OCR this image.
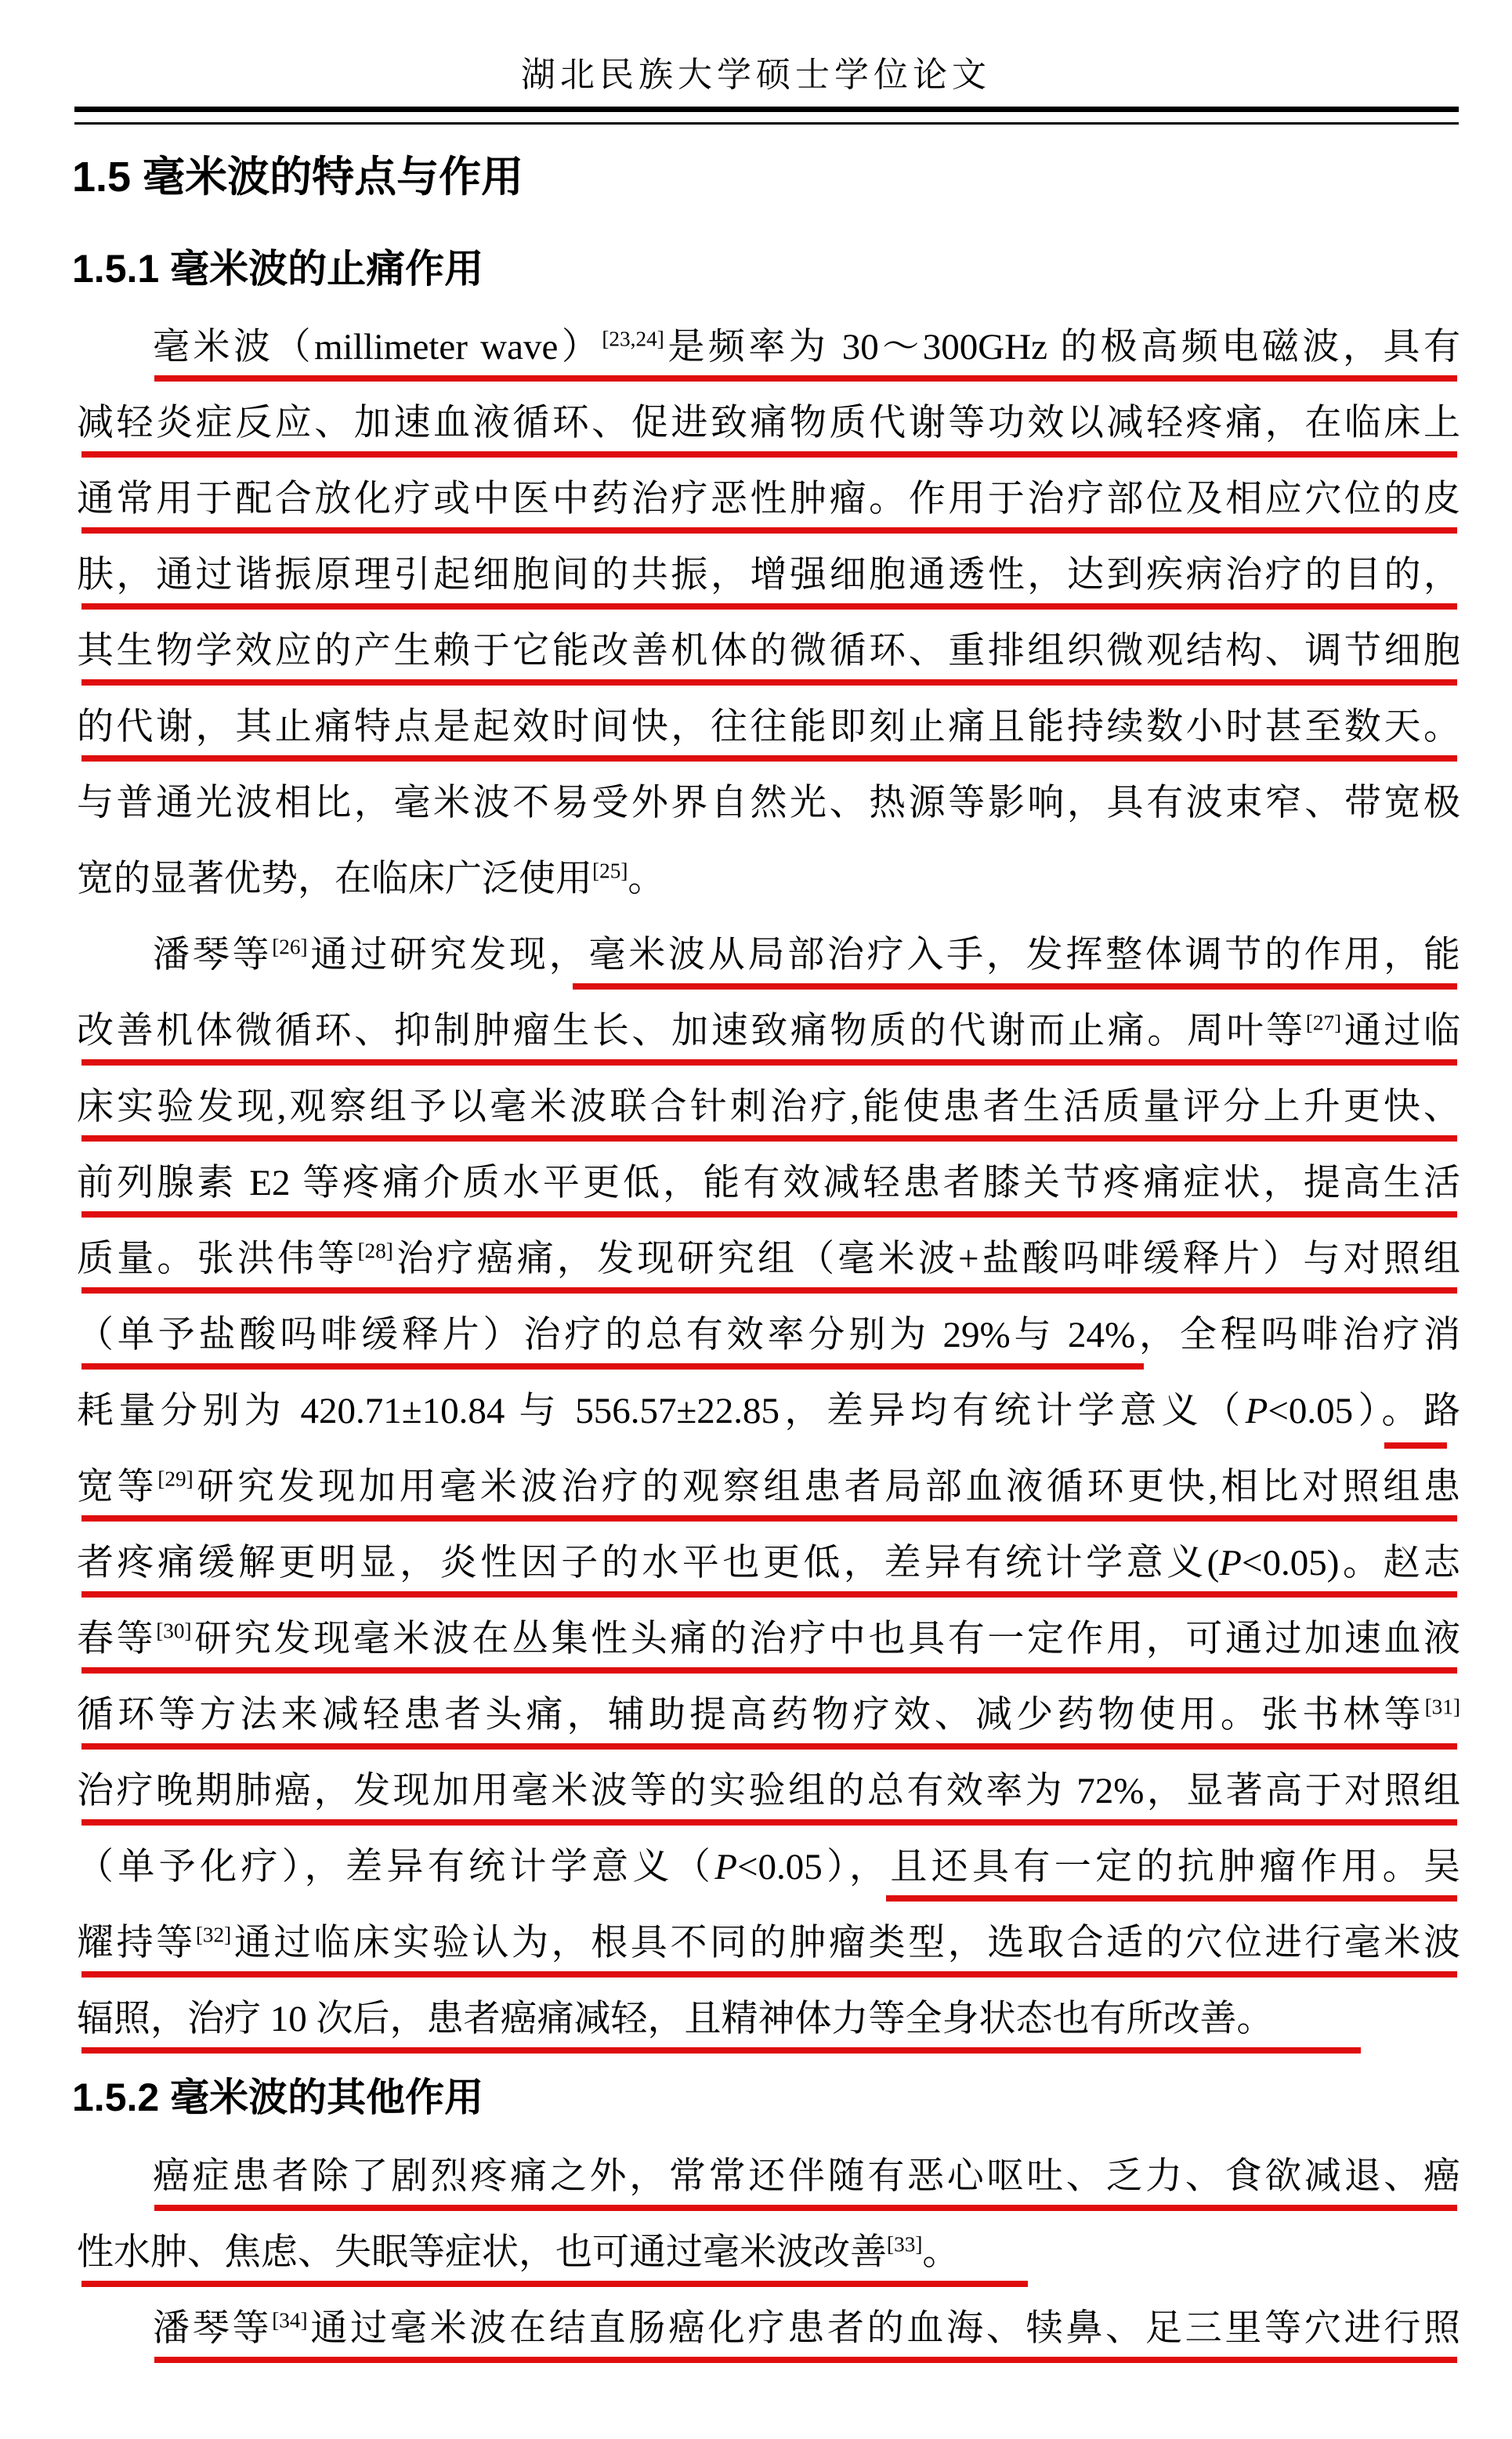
湖北民族大学硕士学位论文
1.5 毫米波的特点与作用
1.5.1 毫米波的止痛作用
毫米波（millimeter wave）[23,24]是频率为 30～300GHz 的极高频电磁波，具有
减轻炎症反应、加速血液循环、促进致痛物质代谢等功效以减轻疼痛，在临床上
通常用于配合放化疗或中医中药治疗恶性肿瘤。作用于治疗部位及相应穴位的皮
肤，通过谐振原理引起细胞间的共振，增强细胞通透性，达到疾病治疗的目的，
其生物学效应的产生赖于它能改善机体的微循环、重排组织微观结构、调节细胞
的代谢，其止痛特点是起效时间快，往往能即刻止痛且能持续数小时甚至数天。
与普通光波相比，毫米波不易受外界自然光、热源等影响，具有波束窄、带宽极
宽的显著优势，在临床广泛使用[25]。
潘琴等[26]通过研究发现，毫米波从局部治疗入手，发挥整体调节的作用，能
改善机体微循环、抑制肿瘤生长、加速致痛物质的代谢而止痛。周叶等[27]通过临
床实验发现,观察组予以毫米波联合针刺治疗,能使患者生活质量评分上升更快、
前列腺素 E2 等疼痛介质水平更低，能有效减轻患者膝关节疼痛症状，提高生活
质量。张洪伟等[28]治疗癌痛，发现研究组（毫米波+盐酸吗啡缓释片）与对照组
（单予盐酸吗啡缓释片）治疗的总有效率分别为 29%与 24%，全程吗啡治疗消
耗量分别为 420.71±10.84 与 556.57±22.85，差异均有统计学意义（P<0.05）。路
宽等[29]研究发现加用毫米波治疗的观察组患者局部血液循环更快,相比对照组患
者疼痛缓解更明显，炎性因子的水平也更低，差异有统计学意义(P<0.05)。赵志
春等[30]研究发现毫米波在丛集性头痛的治疗中也具有一定作用，可通过加速血液
循环等方法来减轻患者头痛，辅助提高药物疗效、减少药物使用。张书林等[31]
治疗晚期肺癌，发现加用毫米波等的实验组的总有效率为 72%，显著高于对照组
（单予化疗），差异有统计学意义（P<0.05），且还具有一定的抗肿瘤作用。吴
耀持等[32]通过临床实验认为，根具不同的肿瘤类型，选取合适的穴位进行毫米波
辐照，治疗 10 次后，患者癌痛减轻，且精神体力等全身状态也有所改善。
1.5.2 毫米波的其他作用
癌症患者除了剧烈疼痛之外，常常还伴随有恶心呕吐、乏力、食欲减退、癌
性水肿、焦虑、失眠等症状，也可通过毫米波改善[33]。
潘琴等[34]通过毫米波在结直肠癌化疗患者的血海、犊鼻、足三里等穴进行照
